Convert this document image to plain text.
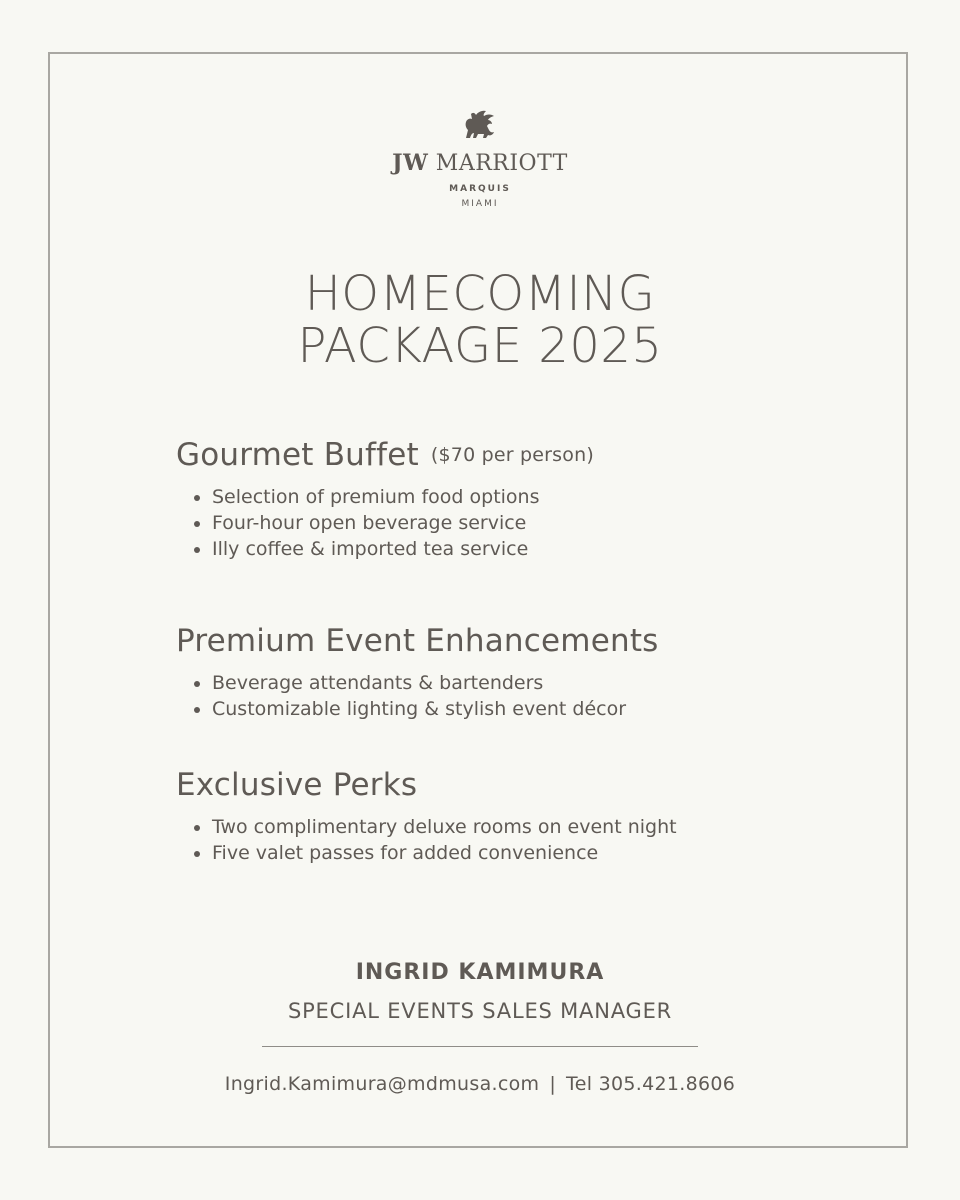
JW MARRIOTT
MARQUIS
MIAMI
HOMECOMING
PACKAGE 2025
Gourmet Buffet ($70 per person)
Selection of premium food options
Four-hour open beverage service
Illy coffee & imported tea service
Premium Event Enhancements
Beverage attendants & bartenders
Customizable lighting & stylish event décor
Exclusive Perks
Two complimentary deluxe rooms on event night
Five valet passes for added convenience
INGRID KAMIMURA
SPECIAL EVENTS SALES MANAGER
Ingrid.Kamimura@mdmusa.com | Tel 305.421.8606
